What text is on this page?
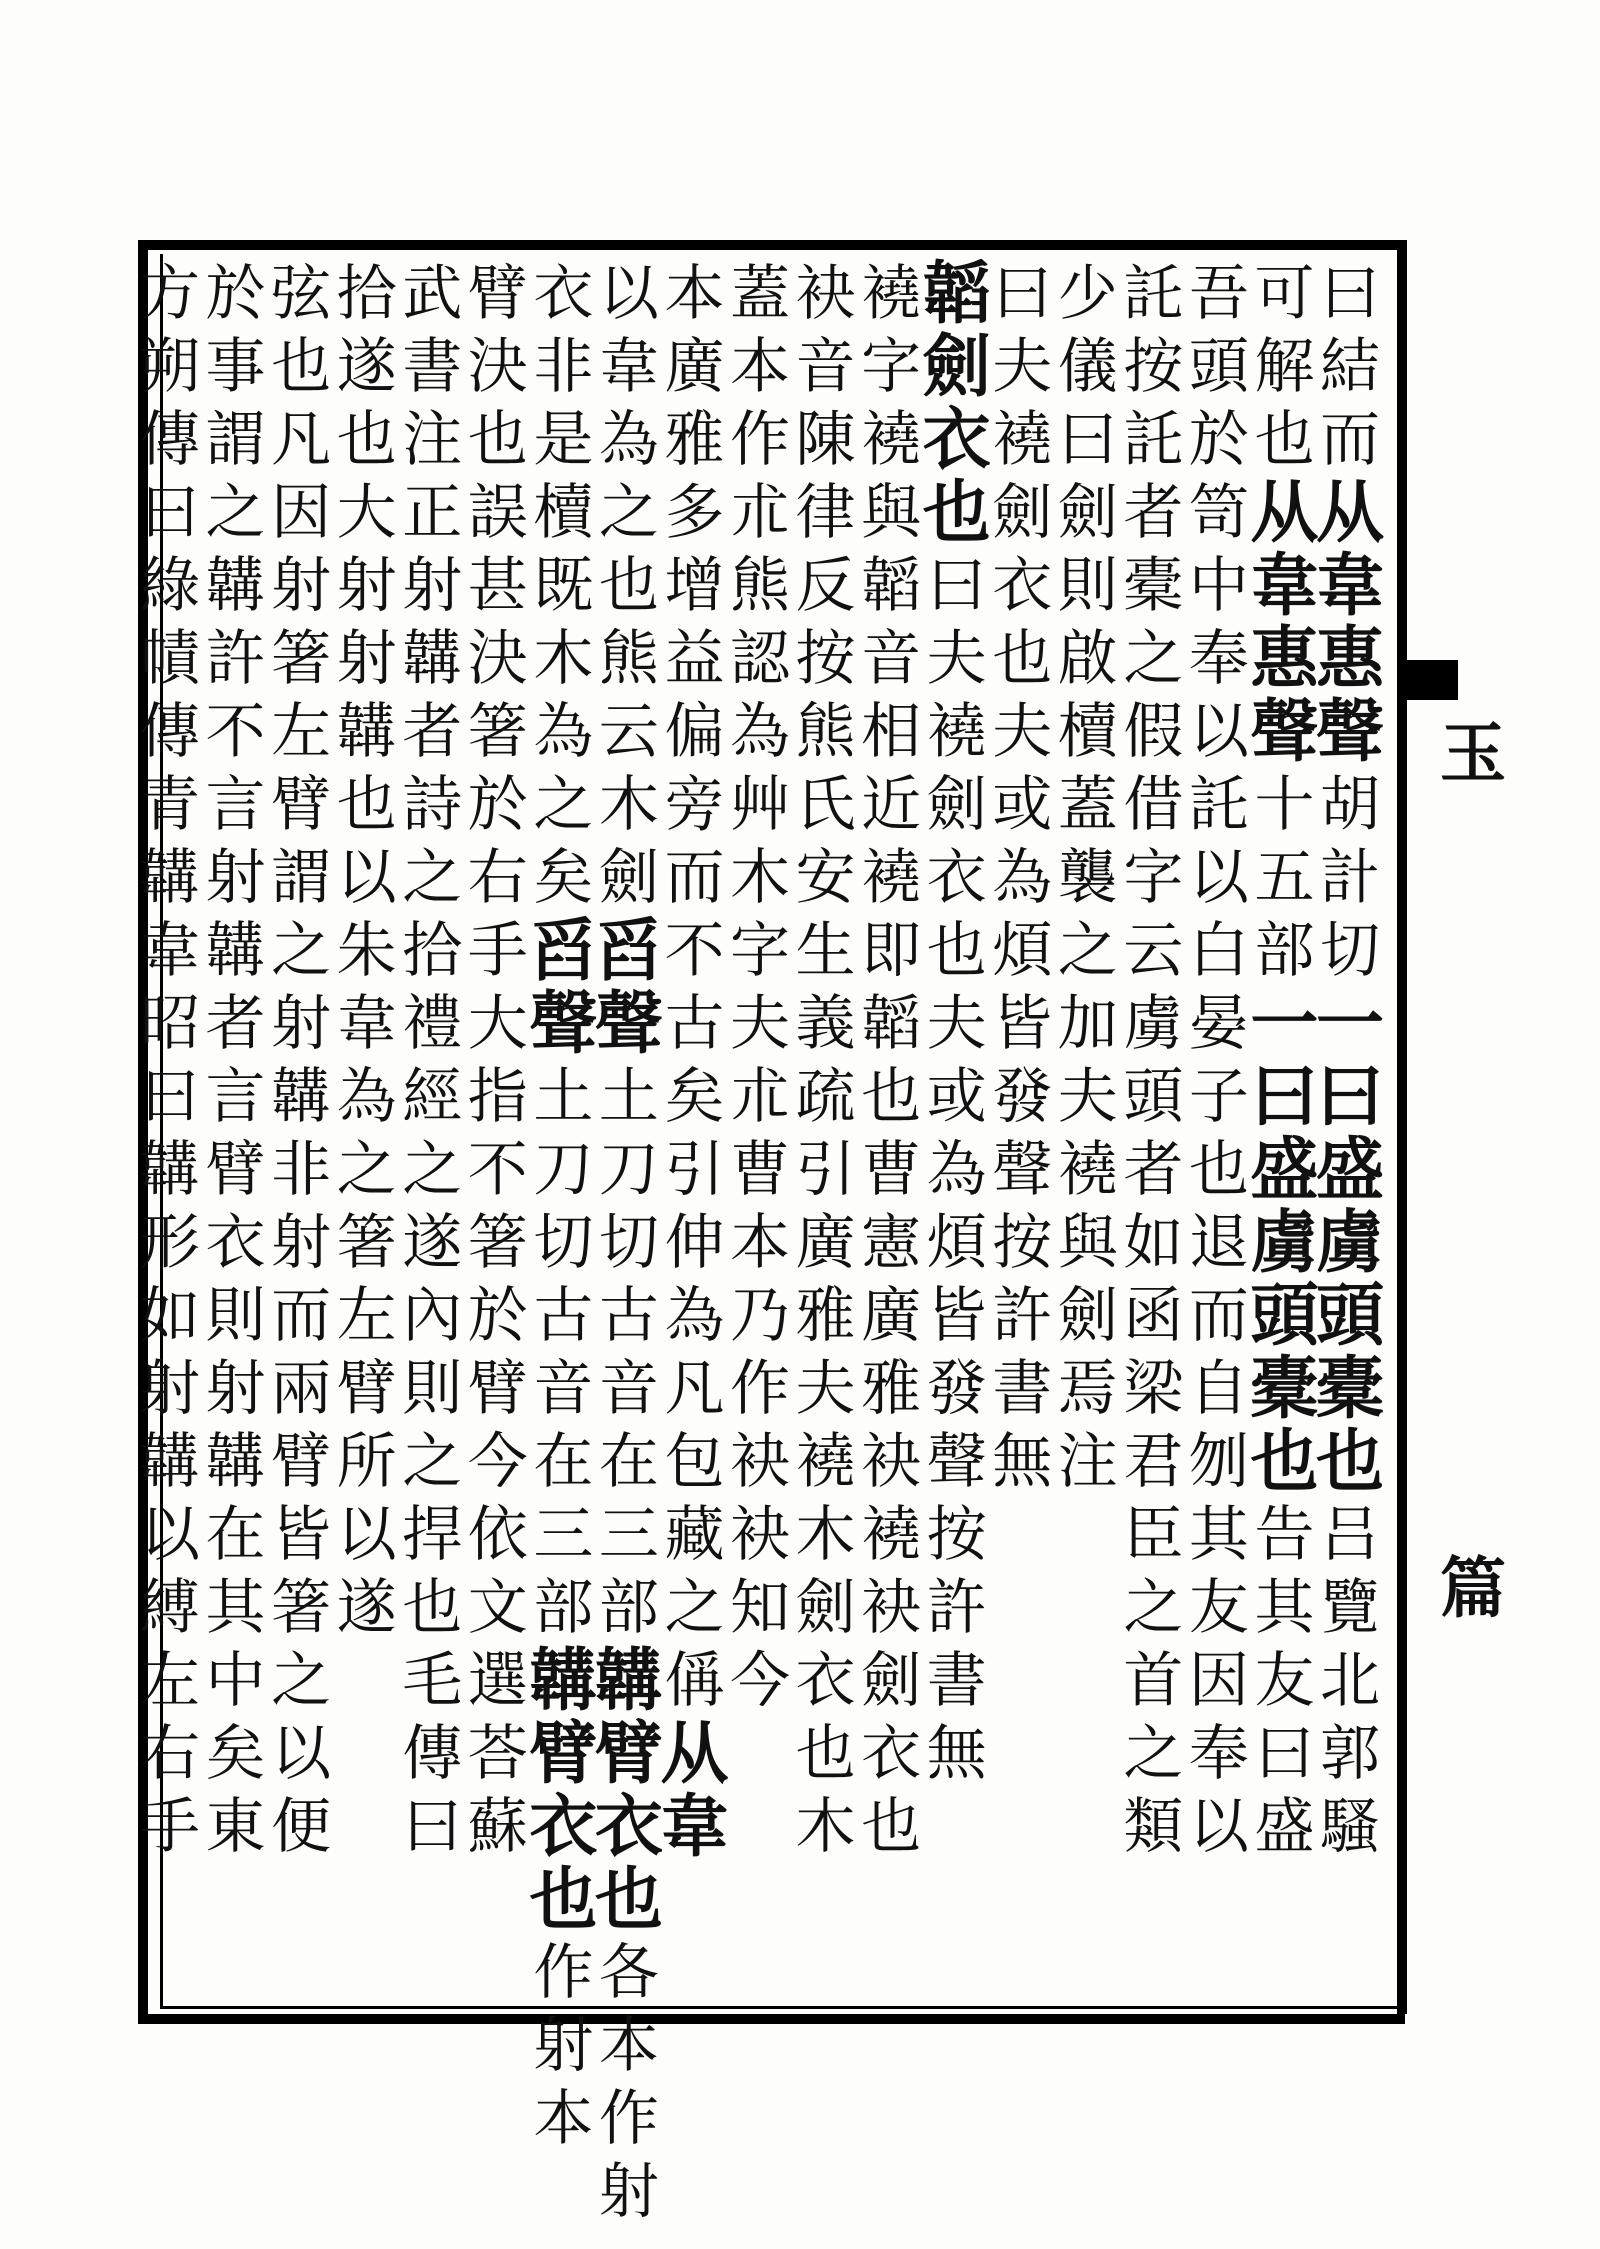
玉
篇
曰
結
而
从
韋
惠
聲
胡
計
切
一
曰
盛
虜
頭
橐
也
吕
覽
北
郭
騷
可
解
也
从
韋
惠
聲
十
五
部
一
曰
盛
虜
頭
橐
也
告
其
友
曰
盛
吾
頭
於
笥
中
奉
以
託
以
白
晏
子
也
退
而
自
刎
其
友
因
奉
以
託
按
託
者
橐
之
假
借
字
云
虜
頭
者
如
函
梁
君
臣
之
首
之
類
少
儀
曰
劍
則
啟
櫝
蓋
襲
之
加
夫
襓
與
劍
焉
注
曰
夫
襓
劍
衣
也
夫
或
為
煩
皆
發
聲
按
許
書
無
韜
劍
衣
也
曰
夫
襓
劍
衣
也
夫
或
為
煩
皆
發
聲
按
許
書
無
襓
字
襓
與
韜
音
相
近
襓
即
韜
也
曹
憲
廣
雅
袂
襓
袂
劍
衣
也
袂
音
陳
律
反
按
熊
氏
安
生
義
疏
引
廣
雅
夫
襓
木
劍
衣
也
木
蓋
本
作
朮
熊
認
為
艸
木
字
夫
朮
曹
本
乃
作
袂
袂
知
今
本
廣
雅
多
增
益
偏
旁
而
不
古
矣
引
伸
為
凡
包
藏
之
偁
从
韋
以
韋
為
之
也
熊
云
木
劍
舀
聲
土
刀
切
古
音
在
三
部
韝
臂
衣
也
各
本
作
射
衣
非
是
櫝
既
木
為
之
矣
舀
聲
土
刀
切
古
音
在
三
部
韝
臂
衣
也
作
射
本
臂
決
也
誤
甚
決
箸
於
右
手
大
指
不
箸
於
臂
今
依
文
選
荅
蘇
武
書
注
正
射
韝
者
詩
之
拾
禮
經
之
遂
內
則
之
捍
也
毛
傳
曰
拾
遂
也
大
射
射
韝
也
以
朱
韋
為
之
箸
左
臂
所
以
遂
弦
也
凡
因
射
箸
左
臂
謂
之
射
韝
非
射
而
兩
臂
皆
箸
之
以
便
於
事
謂
之
韝
許
不
言
射
韝
者
言
臂
衣
則
射
韝
在
其
中
矣
東
方
朔
傳
曰
綠
幘
傳
青
韝
韋
昭
曰
韝
形
如
射
韝
以
縛
左
右
手
